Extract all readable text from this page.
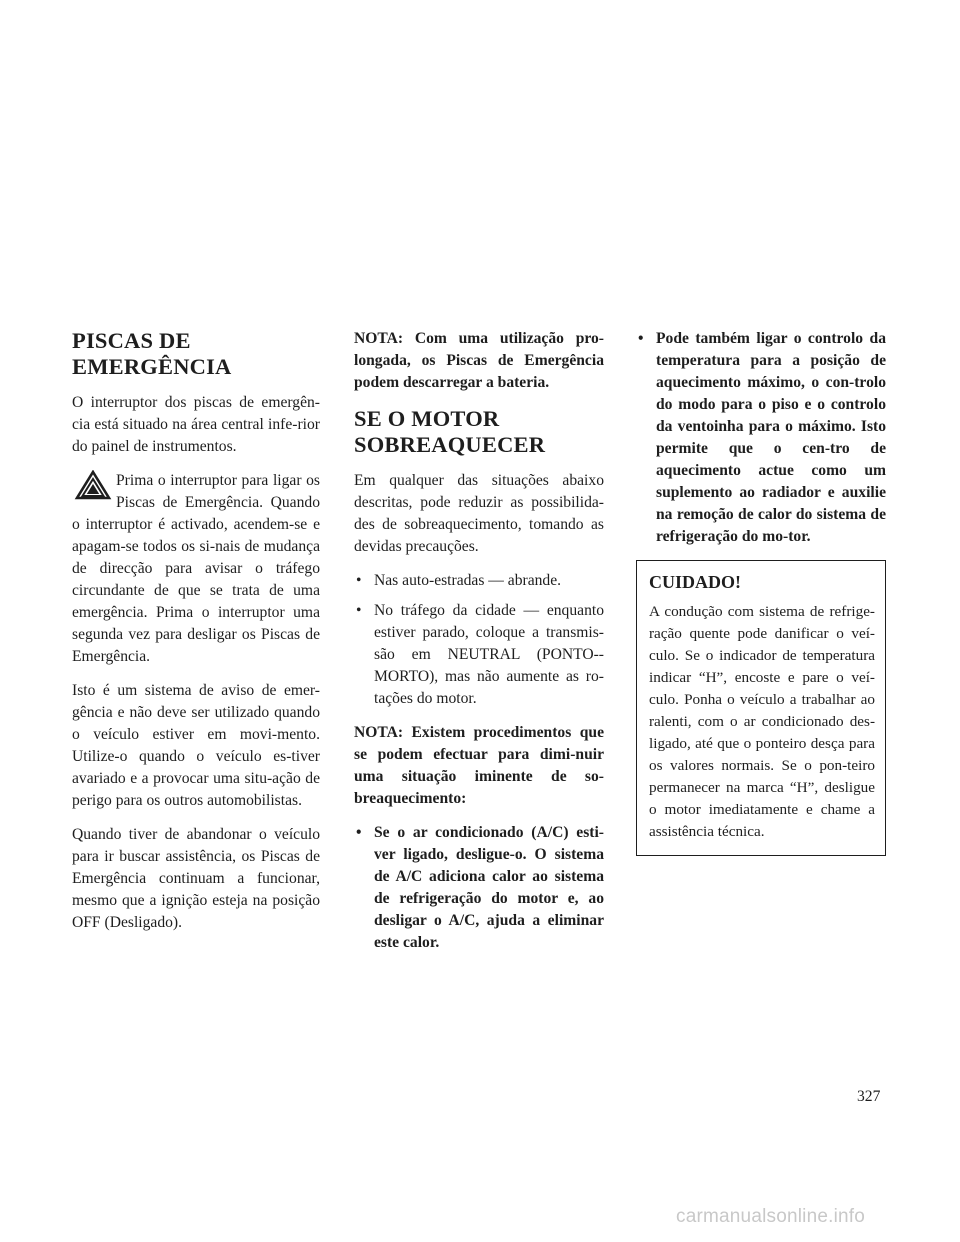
PISCAS DE
EMERGÊNCIA

O interruptor dos piscas de emergên-cia está situado na área central infe-rior do painel de instrumentos.

Prima o interruptor para ligar os Piscas de Emergência. Quando o interruptor é activado, acendem-se e apagam-se todos os si-nais de mudança de direcção para avisar o tráfego circundante de que se trata de uma emergência. Prima o interruptor uma segunda vez para desligar os Piscas de Emergência.

Isto é um sistema de aviso de emer-gência e não deve ser utilizado quando o veículo estiver em movi-mento. Utilize-o quando o veículo es-tiver avariado e a provocar uma situ-ação de perigo para os outros automobilistas.

Quando tiver de abandonar o veículo para ir buscar assistência, os Piscas de Emergência continuam a funcionar, mesmo que a ignição esteja na posição OFF (Desligado).

NOTA: Com uma utilização pro-longada, os Piscas de Emergência podem descarregar a bateria.

SE O MOTOR
SOBREAQUECER

Em qualquer das situações abaixo descritas, pode reduzir as possibilida-des de sobreaquecimento, tomando as devidas precauções.

• Nas auto-estradas — abrande.
• No tráfego da cidade — enquanto estiver parado, coloque a transmis-são em NEUTRAL (PONTO--MORTO), mas não aumente as ro-tações do motor.

NOTA: Existem procedimentos que se podem efectuar para dimi-nuir uma situação iminente de so-breaquecimento:

• Se o ar condicionado (A/C) esti-ver ligado, desligue-o. O sistema de A/C adiciona calor ao sistema de refrigeração do motor e, ao desligar o A/C, ajuda a eliminar este calor.
• Pode também ligar o controlo da temperatura para a posição de aquecimento máximo, o con-trolo do modo para o piso e o controlo da ventoinha para o máximo. Isto permite que o cen-tro de aquecimento actue como um suplemento ao radiador e auxilie na remoção de calor do sistema de refrigeração do mo-tor.
CUIDADO!

A condução com sistema de refrige-ração quente pode danificar o veí-culo. Se o indicador de temperatura indicar “H”, encoste e pare o veí-culo. Ponha o veículo a trabalhar ao ralenti, com o ar condicionado des-ligado, até que o ponteiro desça para os valores normais. Se o pon-teiro permanecer na marca “H”, desligue o motor imediatamente e chame a assistência técnica.

327
carmanualsonline.info
